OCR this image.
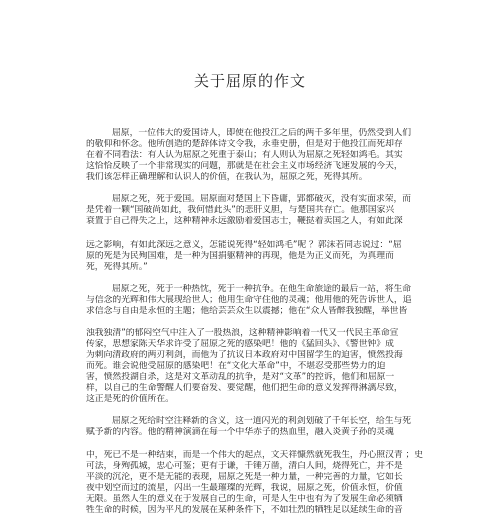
关于屈原的作文
屈原，一位伟大的爱国诗人，即使在他投江之后的两千多年里，仍然受到人们
的敬仰和怀念。他所创造的楚辞体诗文令我，永垂史册，但是对于他投江而死却存
在着不同看法：有人认为屈原之死重于泰山；有人则认为屈原之死轻如鸿毛。其实
这恰恰反映了一个非常现实的问题，那就是在社会主义市场经济飞速发展的今天，
我们该怎样正确理解和认识人的价值，在我认为，屈原之死，死得其所。
屈原之死，死于爱国。屈原面对楚国上下昏庸，郢都破灭，没有实面求荣，而
是凭着一颗“国破尚如此，我何惜此头”的悲肝义胆，与楚国共存亡。他那国家兴
衰置于自己得失之上，这种精神永远激励着爱国志士，鞭挞着卖国之人，有如此深
远之影响，有如此深远之意义，怎能说死得“轻如鸿毛”呢 ？郭沫若同志说过：“屈
原的死是为民殉国难，是一种为国捐躯精神的再现，他是为正义而死，为真理而
死，死得其所。”
屈原之死，死于一种热忱，死于一种抗争。在他生命旅途的最后一站，将生命
与信念的光辉和伟大展现给世人；他用生命守住他的灵魂；他用他的死告诉世人，追
求信念与自由是永恒的主题；他给芸芸众生以震撼；他在“众人皆醉我独醒，举世皆
浊我独清”的郁闷空气中注入了一股热浪，这种精神影响着一代又一代民主革命宣
传家，思想家陈天华求许受了屈原之死的感染吧！他的《猛回头》、《警世钟》成
为刺向清政府的两刃利剑，而他为了抗议日本政府对中国留学生的迫害，愤然投海
而死。谁会说他受屈原的感染吧！在“文化大革命”中，不堪忍受那些势力的迫
害，愤然投湖自杀，这是对文革动乱的抗争，是对“文革”的控诉，他们和屈原一
样，以自己的生命警醒人们要奋发、要觉醒，他们把生命的意义发挥得淋漓尽致，
这正是死的价值所在。
屈原之死给时空注释新的含义，这一道闪光的利剑划破了千年长空，给生与死
赋予新的内容。他的精神演滴在每一个中华赤子的热血里，融入炎黄子孙的灵魂
中，死已不是一种结束，而是一个伟大的起点，文天祥慷然就死我生，丹心照汉青 ；史
可法，身殉孤城，忠心可鉴；更有于谦，千锤万凿，清白人间，烧得死亡，并不是
平淡的沉沦，更不是无能的表现，屈原之死是一种力量，一种完善的力量，它如长
夜中划空而过的流星，闪出一生最璀璨的光辉，我说，屈原之死，价值永恒，价值
无限。虽然人生的意义在于发展自己的生命，可是人生中也有为了发展生命必须牺
牲生命的时候，因为平凡的发展在某种条件下，不如壮烈的牺牲足以延续生命的音
